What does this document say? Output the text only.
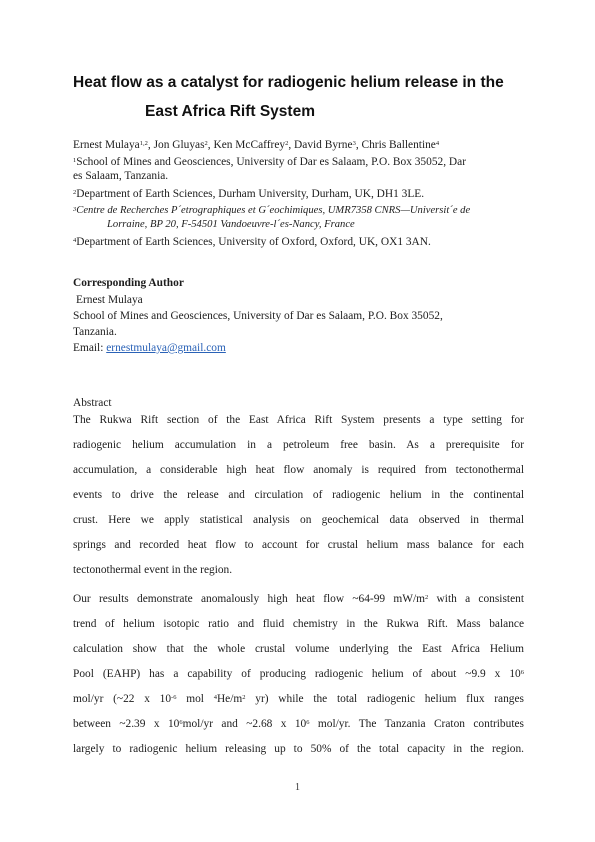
Heat flow as a catalyst for radiogenic helium release in the
East Africa Rift System
Ernest Mulaya$^{1,2}$, Jon Gluyas$^2$, Ken McCaffrey$^2$, David Byrne$^3$, Chris Ballentine$^4$
$^1$School of Mines and Geosciences, University of Dar es Salaam, P.O. Box 35052, Dar
es Salaam, Tanzania.
$^2$Department of Earth Sciences, Durham University, Durham, UK, DH1 3LE.
$^3$Centre de Recherches P´etrographiques et G´eochimiques, UMR7358 CNRS—Universit´e de
Lorraine, BP 20, F-54501 Vandoeuvre-l´es-Nancy, France
$^4$Department of Earth Sciences, University of Oxford, Oxford, UK, OX1 3AN.
Corresponding Author
Ernest Mulaya
School of Mines and Geosciences, University of Dar es Salaam, P.O. Box 35052,
Tanzania.
Email: ernestmulaya@gmail.com
Abstract
The Rukwa Rift section of the East Africa Rift System presents a type setting for
radiogenic helium accumulation in a petroleum free basin. As a prerequisite for
accumulation, a considerable high heat flow anomaly is required from tectonothermal
events to drive the release and circulation of radiogenic helium in the continental
crust. Here we apply statistical analysis on geochemical data observed in thermal
springs and recorded heat flow to account for crustal helium mass balance for each
tectonothermal event in the region.
Our results demonstrate anomalously high heat flow ~64-99 $mW/m^2$ with a consistent
trend of helium isotopic ratio and fluid chemistry in the Rukwa Rift. Mass balance
calculation show that the whole crustal volume underlying the East Africa Helium
Pool (EAHP) has a capability of producing radiogenic helium of about ~9.9 x $10^6$
mol/yr (~22 x $10^{-6}$ mol $^4He/m^2$ yr) while the total radiogenic helium flux ranges
between ~2.39 x $10^6mol/yr$ and ~2.68 x $10^6$ mol/yr. The Tanzania Craton contributes
largely to radiogenic helium releasing up to 50% of the total capacity in the region.
1
